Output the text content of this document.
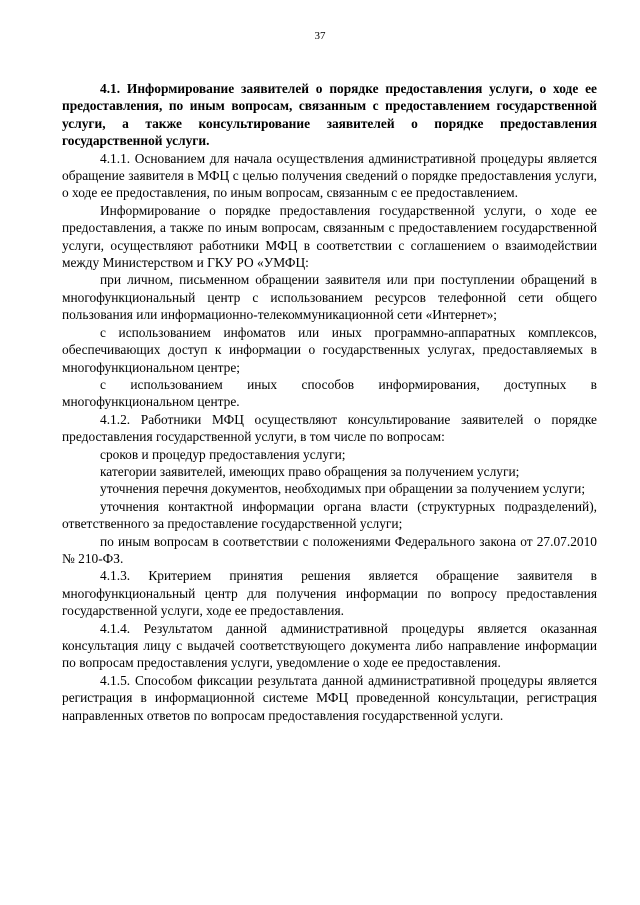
37

4.1. Информирование заявителей о порядке предоставления услуги, о ходе ее предоставления, по иным вопросам, связанным с предоставлением государственной услуги, а также консультирование заявителей о порядке предоставления государственной услуги.

4.1.1. Основанием для начала осуществления административной процедуры является обращение заявителя в МФЦ с целью получения сведений о порядке предоставления услуги, о ходе ее предоставления, по иным вопросам, связанным с ее предоставлением.

Информирование о порядке предоставления государственной услуги, о ходе ее предоставления, а также по иным вопросам, связанным с предоставлением государственной услуги, осуществляют работники МФЦ в соответствии с соглашением о взаимодействии между Министерством и ГКУ РО «УМФЦ:

при личном, письменном обращении заявителя или при поступлении обращений в многофункциональный центр с использованием ресурсов телефонной сети общего пользования или информационно-телекоммуникационной сети «Интернет»;

с использованием инфоматов или иных программно-аппаратных комплексов, обеспечивающих доступ к информации о государственных услугах, предоставляемых в многофункциональном центре;

с использованием иных способов информирования, доступных в многофункциональном центре.

4.1.2. Работники МФЦ осуществляют консультирование заявителей о порядке предоставления государственной услуги, в том числе по вопросам:

сроков и процедур предоставления услуги;

категории заявителей, имеющих право обращения за получением услуги;

уточнения перечня документов, необходимых при обращении за получением услуги;

уточнения контактной информации органа власти (структурных подразделений), ответственного за предоставление государственной услуги;

по иным вопросам в соответствии с положениями Федерального закона от 27.07.2010 № 210-ФЗ.

4.1.3. Критерием принятия решения является обращение заявителя в многофункциональный центр для получения информации по вопросу предоставления государственной услуги, ходе ее предоставления.

4.1.4. Результатом данной административной процедуры является оказанная консультация лицу с выдачей соответствующего документа либо направление информации по вопросам предоставления услуги, уведомление о ходе ее предоставления.

4.1.5. Способом фиксации результата данной административной процедуры является регистрация в информационной системе МФЦ проведенной консультации, регистрация направленных ответов по вопросам предоставления государственной услуги.
